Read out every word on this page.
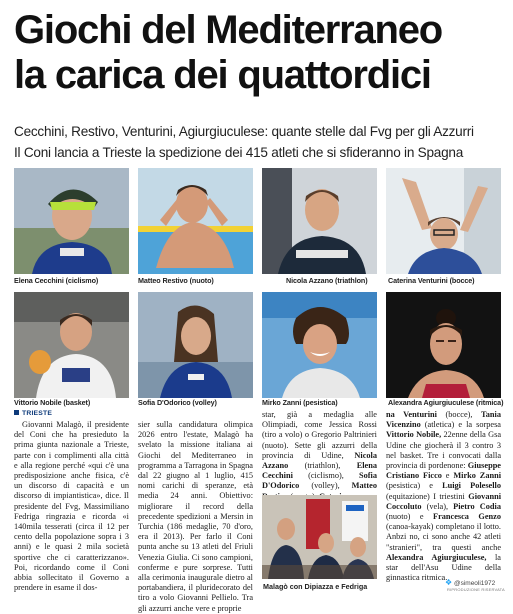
Giochi del Mediterraneo
la carica dei quattordici

Cecchini, Restivo, Venturini, Agiurgiuculese: quante stelle dal Fvg per gli Azzurri
Il Coni lancia a Trieste la spedizione dei 415 atleti che si sfideranno in Spagna

Elena Cecchini (ciclismo)	Matteo Restivo (nuoto)	Nicola Azzano (triathlon)	Caterina Venturini (bocce)
Vittorio Nobile (basket)	Sofia D'Odorico (volley)	Mirko Zanni (pesistica)	Alexandra Agiurgiuculese (ritmica)
TRIESTE

Giovanni Malagò, il presidente del Coni che ha presieduto la prima giunta nazionale a Trieste, parte con i complimenti alla città e alla regione perché «qui c'è una predisposizione anche fisica, c'è un discorso di capacità e un discorso di impiantistica», dice. Il presidente del Fvg, Massimiliano Fedriga ringrazia e ricorda «i 140mila tesserati (circa il 12 per cento della popolazione sopra i 3 anni) e le quasi 2 mila società sportive che ci caratterizzano». Poi, ricordando come il Coni abbia sollecitato il Governo a prendere in esame il dos-

sier sulla candidatura olimpica 2026 entro l'estate, Malagò ha svelato la missione italiana ai Giochi del Mediterraneo in programma a Tarragona in Spagna dal 22 giugno al 1 luglio, 415 nomi carichi di speranze, età media 24 anni. Obiettivo: migliorare il record della precedente spedizioni a Mersin in Turchia (186 medaglie, 70 d'oro, era il 2013). Per farlo il Coni punta anche su 13 atleti del Friuli Venezia Giulia. Ci sono campioni, conferme e pure sorprese. Tutti alla cerimonia inaugurale dietro al portabandiera, il pluridecorato del tiro a volo Giovanni Pellielo. Tra gli azzurri anche vere e proprie

star, già a medaglia alle Olimpiadi, come Jessica Rossi (tiro a volo) o Gregorio Paltrinieri (nuoto). Sette gli azzurri della provincia di Udine, Nicola Azzano (triathlon), Elena Cecchini (ciclismo), Sofia D'Odorico (volley), Matteo

Malagò con Dipiazza e Fedriga

na Venturini (bocce), Tania Vicenzino (atletica) e la sorpesa Vittorio Nobile, 22enne della Gsa Udine che giocherà il 3 contro 3 nel basket. Tre i convocati dalla provincia di pordenone: Giuseppe Cristiano Ficco e Mirko Zanni (pesistica) e Luigi Polesello (equitazione) I triestini Giovanni Coccoluto (vela), Pietro Codia (nuoto) e Francesca Genzo (canoa-kayak) completano il lotto. Anbzi no, ci sono anche 42 atleti "stranieri", tra questi anche Alexandra Agiurgiuculese, la star dell'Asu Udine della ginnastica ritmica.

❖ @simeoli1972
RIPRODUZIONE RISERVATA
